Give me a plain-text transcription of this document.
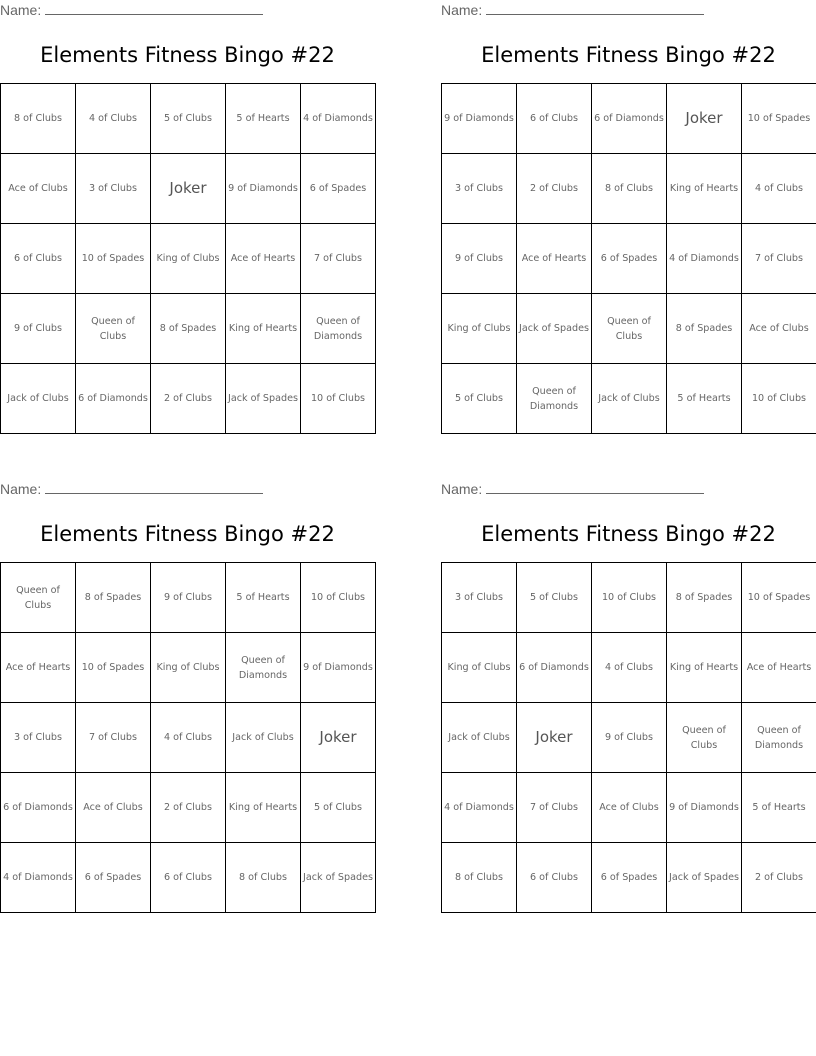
Name:
Elements Fitness Bingo #22
8 of Clubs	4 of Clubs	5 of Clubs	5 of Hearts	4 of Diamonds
Ace of Clubs	3 of Clubs	Joker	9 of Diamonds	6 of Spades
6 of Clubs	10 of Spades	King of Clubs	Ace of Hearts	7 of Clubs
9 of Clubs	Queen of Clubs	8 of Spades	King of Hearts	Queen of Diamonds
Jack of Clubs	6 of Diamonds	2 of Clubs	Jack of Spades	10 of Clubs
Name:
Elements Fitness Bingo #22
9 of Diamonds	6 of Clubs	6 of Diamonds	Joker	10 of Spades
3 of Clubs	2 of Clubs	8 of Clubs	King of Hearts	4 of Clubs
9 of Clubs	Ace of Hearts	6 of Spades	4 of Diamonds	7 of Clubs
King of Clubs	Jack of Spades	Queen of Clubs	8 of Spades	Ace of Clubs
5 of Clubs	Queen of Diamonds	Jack of Clubs	5 of Hearts	10 of Clubs
Name:
Elements Fitness Bingo #22
Queen of Clubs	8 of Spades	9 of Clubs	5 of Hearts	10 of Clubs
Ace of Hearts	10 of Spades	King of Clubs	Queen of Diamonds	9 of Diamonds
3 of Clubs	7 of Clubs	4 of Clubs	Jack of Clubs	Joker
6 of Diamonds	Ace of Clubs	2 of Clubs	King of Hearts	5 of Clubs
4 of Diamonds	6 of Spades	6 of Clubs	8 of Clubs	Jack of Spades
Name:
Elements Fitness Bingo #22
3 of Clubs	5 of Clubs	10 of Clubs	8 of Spades	10 of Spades
King of Clubs	6 of Diamonds	4 of Clubs	King of Hearts	Ace of Hearts
Jack of Clubs	Joker	9 of Clubs	Queen of Clubs	Queen of Diamonds
4 of Diamonds	7 of Clubs	Ace of Clubs	9 of Diamonds	5 of Hearts
8 of Clubs	6 of Clubs	6 of Spades	Jack of Spades	2 of Clubs
